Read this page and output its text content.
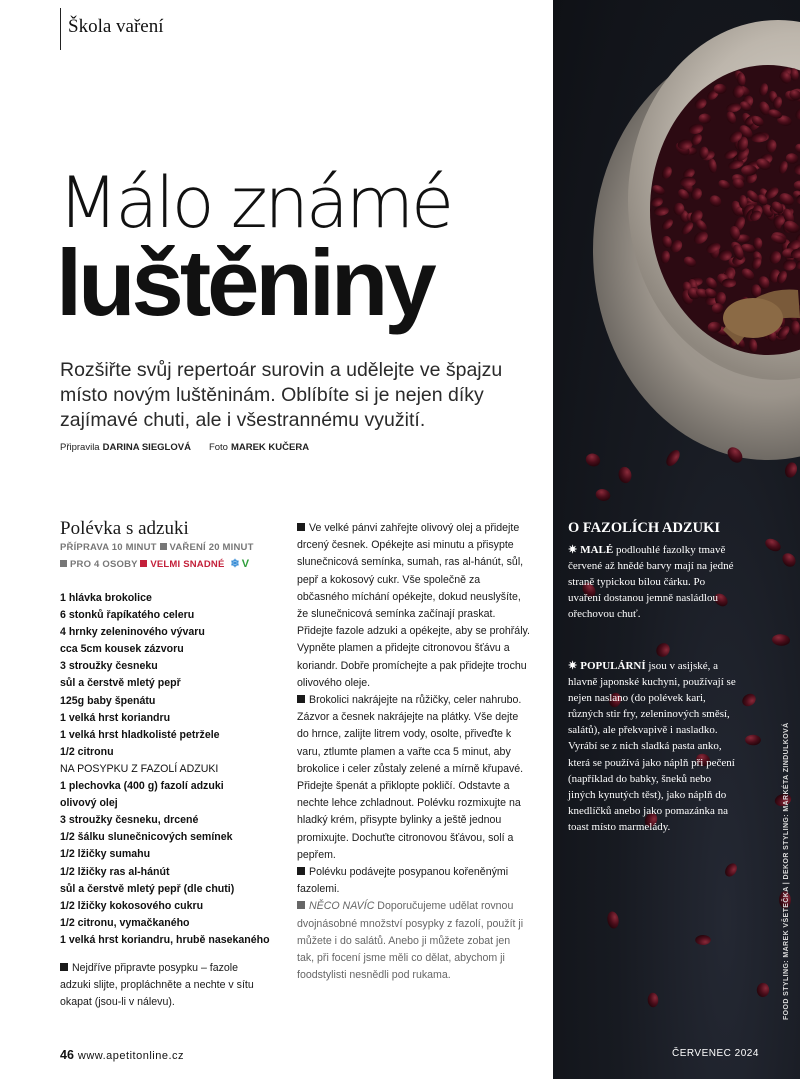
Škola vaření
Málo známé
luštěniny

Rozšiřte svůj repertoár surovin a udělejte ve špajzu místo novým luštěninám. Oblíbíte si je nejen díky zajímavé chuti, ale i všestrannému využití.

Připravila DARINA SIEGLOVÁ Foto MAREK KUČERA
Polévka s adzuki
PŘÍPRAVA 10 MINUT VAŘENÍ 20 MINUT
PRO 4 OSOBY VELMI SNADNÉ ❄ V
1 hlávka brokolice
6 stonků řapíkatého celeru
4 hrnky zeleninového vývaru
cca 5cm kousek zázvoru
3 stroužky česneku
sůl a čerstvě mletý pepř
125g baby špenátu
1 velká hrst koriandru
1 velká hrst hladkolisté petržele
1/2 citronu
NA POSYPKU Z FAZOLÍ ADZUKI
1 plechovka (400 g) fazolí adzuki
olivový olej
3 stroužky česneku, drcené
1/2 šálku slunečnicových semínek
1/2 lžičky sumahu
1/2 lžičky ras al-hánút
sůl a čerstvě mletý pepř (dle chuti)
1/2 lžičky kokosového cukru
1/2 citronu, vymačkaného
1 velká hrst koriandru, hrubě nasekaného

Nejdříve připravte posypku – fazole adzuki slijte, propláchněte a nechte v sítu okapat (jsou-li v nálevu).

Ve velké pánvi zahřejte olivový olej a přidejte drcený česnek. Opékejte asi minutu a přisypte slunečnicová semínka, sumah, ras al-hánút, sůl, pepř a kokosový cukr. Vše společně za občasného míchání opékejte, dokud neuslyšíte, že slunečnicová semínka začínají praskat. Přidejte fazole adzuki a opékejte, aby se prohřály. Vypněte plamen a přidejte citronovou šťávu a koriandr. Dobře promíchejte a pak přidejte trochu olivového oleje.

Brokolici nakrájejte na růžičky, celer nahrubo. Zázvor a česnek nakrájejte na plátky. Vše dejte do hrnce, zalijte litrem vody, osolte, přiveďte k varu, ztlumte plamen a vařte cca 5 minut, aby brokolice i celer zůstaly zelené a mírně křupavé. Přidejte špenát a přiklopte pokličí. Odstavte a nechte lehce zchladnout. Polévku rozmixujte na hladký krém, přisypte bylinky a ještě jednou promixujte. Dochuťte citronovou šťávou, solí a pepřem.

Polévku podávejte posypanou kořeněnými fazolemi.

NĚCO NAVÍC Doporučujeme udělat rovnou dvojnásobné množství posypky z fazolí, použít ji můžete i do salátů. Anebo ji můžete zobat jen tak, při focení jsme měli co dělat, abychom ji foodstylisti nesnědli pod rukama.

O FAZOLÍCH ADZUKI

✷ MALÉ podlouhlé fazolky tmavě červené až hnědé barvy mají na jedné straně typickou bílou čárku. Po uvaření dostanou jemně nasládlou ořechovou chuť.

✷ POPULÁRNÍ jsou v asijské, a hlavně japonské kuchyni, používají se nejen naslano (do polévek kari, různých stir fry, zeleninových směsí, salátů), ale překvapivě i nasladko. Vyrábí se z nich sladká pasta anko, která se používá jako náplň při pečení (například do babky, šneků nebo jiných kynutých těst), jako náplň do knedlíčků anebo jako pomazánka na toast místo marmelády.	FOOD STYLING: MAREK VŠETEČKA | DEKOR STYLING: MARKÉTA ZINDULKOVÁ
46 www.apetitonline.cz	ČERVENEC 2024
